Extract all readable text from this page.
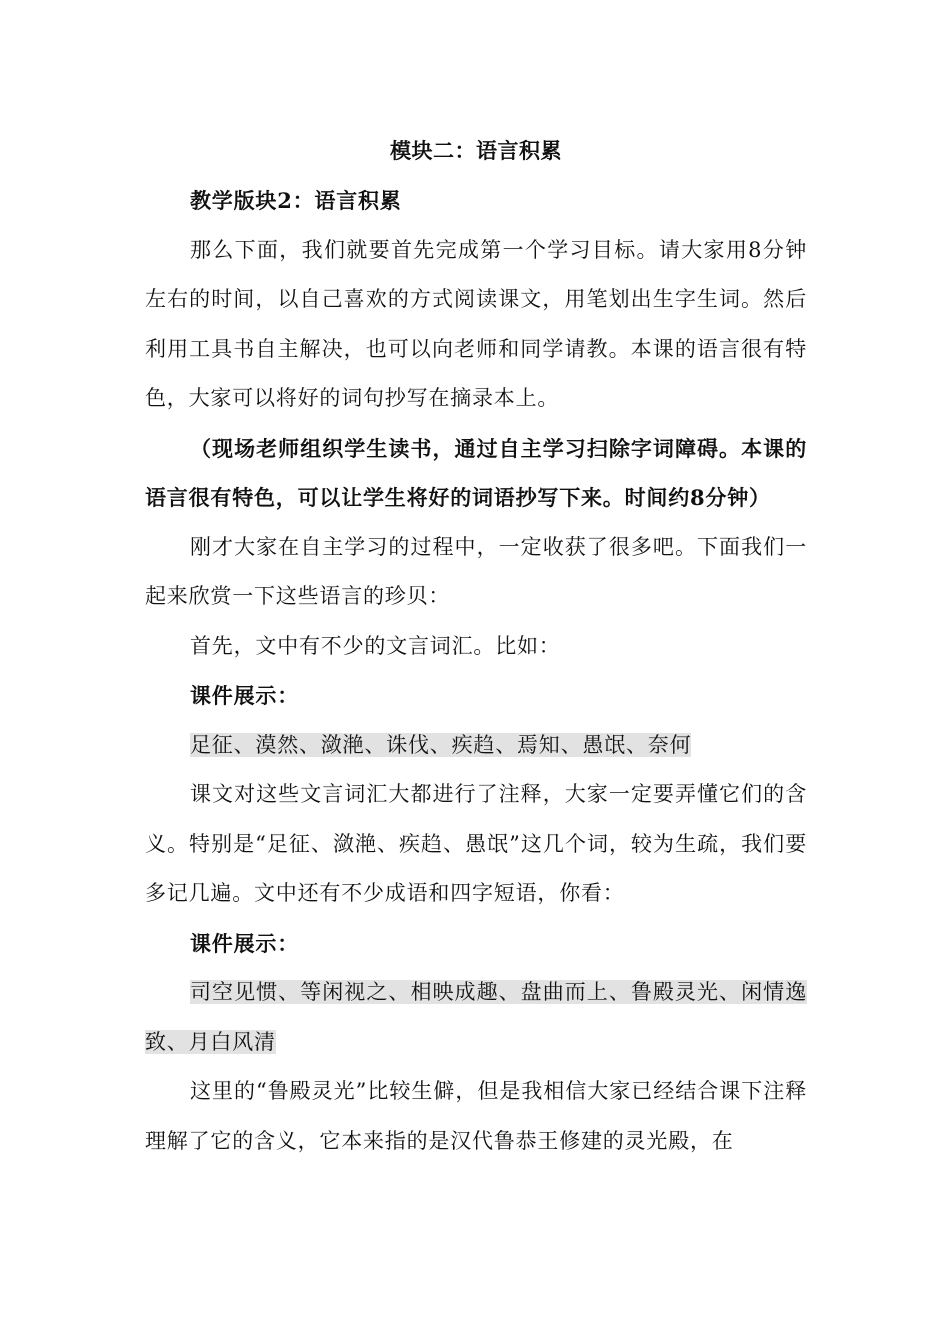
模块二：语言积累

教学版块2：语言积累

那么下面，我们就要首先完成第一个学习目标。请大家用8分钟左右的时间，以自己喜欢的方式阅读课文，用笔划出生字生词。然后利用工具书自主解决，也可以向老师和同学请教。本课的语言很有特色，大家可以将好的词句抄写在摘录本上。

（现场老师组织学生读书，通过自主学习扫除字词障碍。本课的语言很有特色，可以让学生将好的词语抄写下来。时间约8分钟）

刚才大家在自主学习的过程中，一定收获了很多吧。下面我们一起来欣赏一下这些语言的珍贝：

首先，文中有不少的文言词汇。比如：

课件展示：

足征、漠然、潋滟、诛伐、疾趋、焉知、愚氓、奈何

课文对这些文言词汇大都进行了注释，大家一定要弄懂它们的含义。特别是“足征、潋滟、疾趋、愚氓”这几个词，较为生疏，我们要多记几遍。文中还有不少成语和四字短语，你看：

课件展示：

司空见惯、等闲视之、相映成趣、盘曲而上、鲁殿灵光、闲情逸致、月白风清

这里的“鲁殿灵光”比较生僻，但是我相信大家已经结合课下注释理解了它的含义，它本来指的是汉代鲁恭王修建的灵光殿，在
